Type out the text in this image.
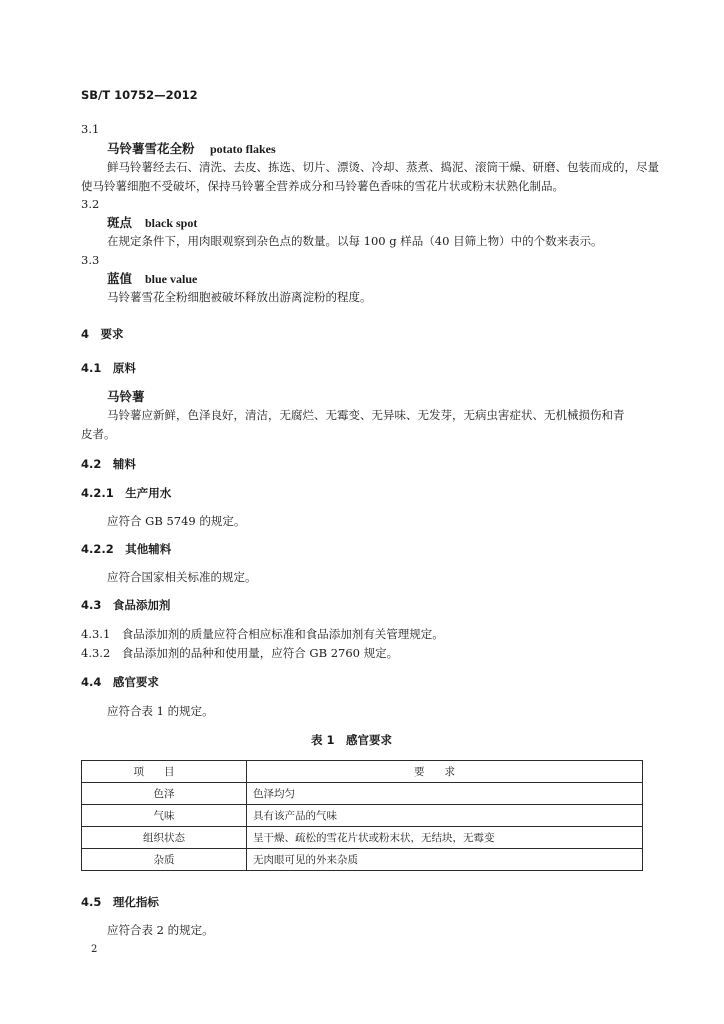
SB/T 10752—2012
3.1
马铃薯雪花全粉 potato flakes
鲜马铃薯经去石、清洗、去皮、拣选、切片、漂烫、冷却、蒸煮、捣泥、滚筒干燥、研磨、包装而成的，尽量
使马铃薯细胞不受破坏，保持马铃薯全营养成分和马铃薯色香味的雪花片状或粉末状熟化制品。
3.2
斑点 black spot
在规定条件下，用肉眼观察到杂色点的数量。以每 100 g 样品（40 目筛上物）中的个数来表示。
3.3
蓝值 blue value
马铃薯雪花全粉细胞被破坏释放出游离淀粉的程度。
4　要求
4.1　原料
马铃薯
马铃薯应新鲜，色泽良好，清洁，无腐烂、无霉变、无异味、无发芽，无病虫害症状、无机械损伤和青
皮者。
4.2　辅料
4.2.1　生产用水
应符合 GB 5749 的规定。
4.2.2　其他辅料
应符合国家相关标准的规定。
4.3　食品添加剂
4.3.1　食品添加剂的质量应符合相应标准和食品添加剂有关管理规定。
4.3.2　食品添加剂的品种和使用量，应符合 GB 2760 规定。
4.4　感官要求
应符合表 1 的规定。
表 1　感官要求
项目	要求
色泽	色泽均匀
气味	具有该产品的气味
组织状态	呈干燥、疏松的雪花片状或粉末状，无结块，无霉变
杂质	无肉眼可见的外来杂质
4.5　理化指标
应符合表 2 的规定。
2
